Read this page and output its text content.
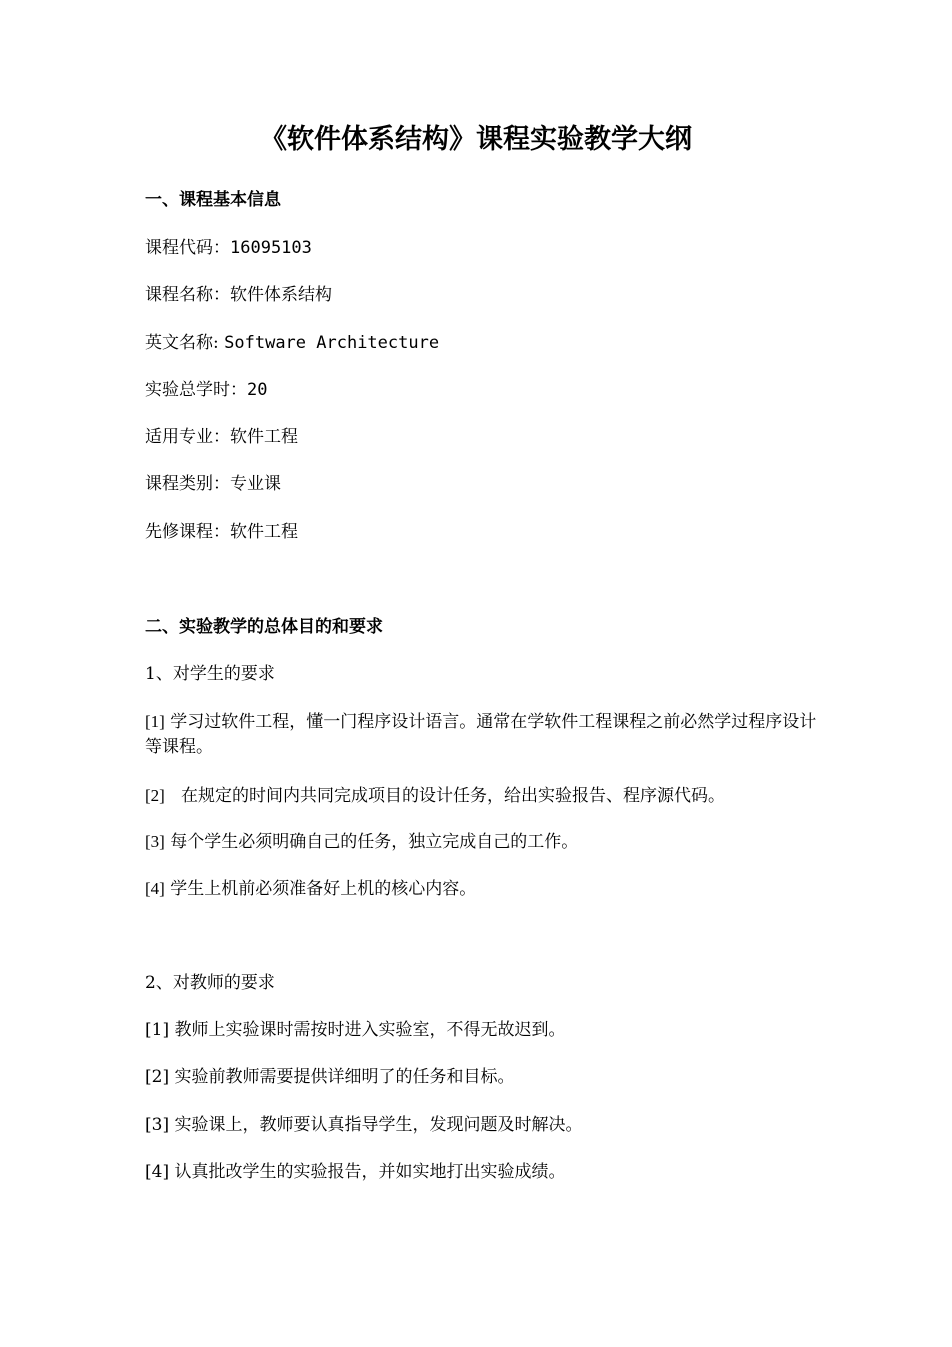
《软件体系结构》课程实验教学大纲
一、课程基本信息
课程代码：16095103
课程名称：软件体系结构
英文名称: Software Architecture
实验总学时：20
适用专业：软件工程
课程类别：专业课
先修课程：软件工程
二、实验教学的总体目的和要求
1、对学生的要求
[1] 学习过软件工程，懂一门程序设计语言。通常在学软件工程课程之前必然学过程序设计等课程。
[2] 在规定的时间内共同完成项目的设计任务，给出实验报告、程序源代码。
[3] 每个学生必须明确自己的任务，独立完成自己的工作。
[4] 学生上机前必须准备好上机的核心内容。
2、对教师的要求
[1] 教师上实验课时需按时进入实验室，不得无故迟到。
[2] 实验前教师需要提供详细明了的任务和目标。
[3] 实验课上，教师要认真指导学生，发现问题及时解决。
[4] 认真批改学生的实验报告，并如实地打出实验成绩。
